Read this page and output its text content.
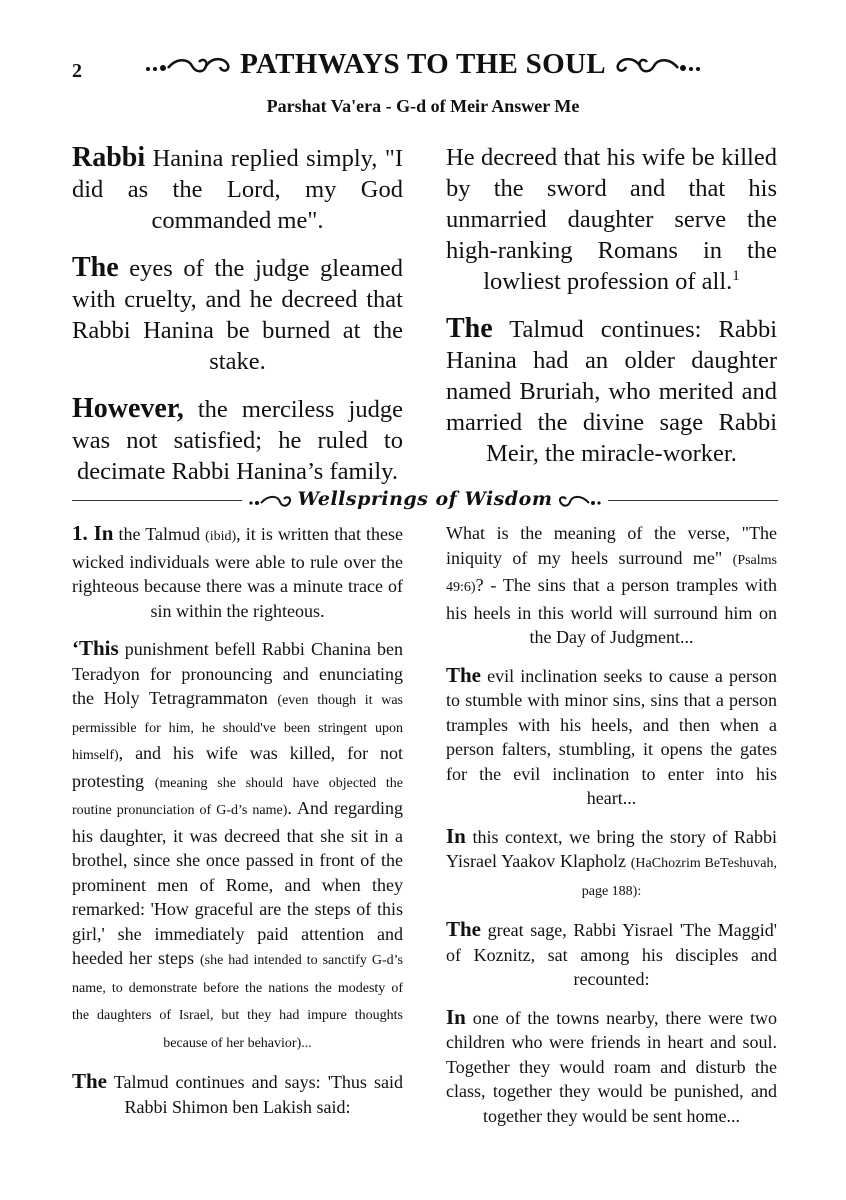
2	PATHWAYS TO THE SOUL
Parshat Va'era - G-d of Meir Answer Me

Rabbi Hanina replied simply, "I did as the Lord, my God commanded me".

The eyes of the judge gleamed with cruelty, and he decreed that Rabbi Hanina be burned at the stake.

However, the merciless judge was not satisfied; he ruled to decimate Rabbi Hanina’s family.

He decreed that his wife be killed by the sword and that his unmarried daughter serve the high-ranking Romans in the lowliest profession of all.$^1$

The Talmud continues: Rabbi Hanina had an older daughter named Bruriah, who merited and married the divine sage Rabbi Meir, the miracle-worker.

Wellsprings of Wisdom

1. In the Talmud (ibid), it is written that these wicked individuals were able to rule over the righteous because there was a minute trace of sin within the righteous.

‘This punishment befell Rabbi Chanina ben Teradyon for pronouncing and enunciating the Holy Tetragrammaton (even though it was permissible for him, he should've been stringent upon himself), and his wife was killed, for not protesting (meaning she should have objected the routine pronunciation of G-d’s name). And regarding his daughter, it was decreed that she sit in a brothel, since she once passed in front of the prominent men of Rome, and when they remarked: 'How graceful are the steps of this girl,' she immediately paid attention and heeded her steps (she had intended to sanctify G-d’s name, to demonstrate before the nations the modesty of the daughters of Israel, but they had impure thoughts because of her behavior)...

The Talmud continues and says: 'Thus said Rabbi Shimon ben Lakish said:

What is the meaning of the verse, "The iniquity of my heels surround me" (Psalms 49:6)? - The sins that a person tramples with his heels in this world will surround him on the Day of Judgment...

The evil inclination seeks to cause a person to stumble with minor sins, sins that a person tramples with his heels, and then when a person falters, stumbling, it opens the gates for the evil inclination to enter into his heart...

In this context, we bring the story of Rabbi Yisrael Yaakov Klapholz (HaChozrim BeTeshuvah, page 188):

The great sage, Rabbi Yisrael 'The Maggid' of Koznitz, sat among his disciples and recounted:

In one of the towns nearby, there were two children who were friends in heart and soul. Together they would roam and disturb the class, together they would be punished, and together they would be sent home...
